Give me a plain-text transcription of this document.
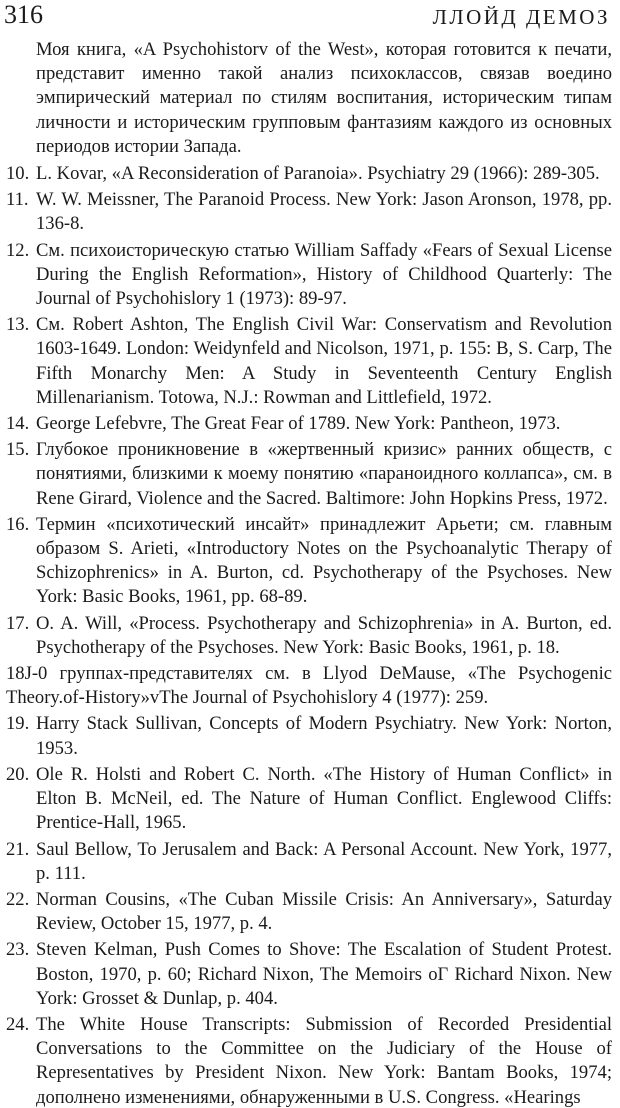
316	ЛЛОЙД ДЕМОЗ

Моя книга, «A Psychohistorv of the West», которая готовится к печати, представит именно такой анализ психоклассов, связав воедино эмпирический материал по стилям воспитания, историческим типам личности и историческим групповым фантазиям каждого из основных периодов истории Запада.

10. L. Kovar, «A Reconsideration of Paranoia». Psychiatry 29 (1966): 289-305.

11. W. W. Meissner, The Paranoid Process. New York: Jason Aronson, 1978, pp. 136-8.

12. См. психоисторическую статью William Saffady «Fears of Sexual License During the English Reformation», History of Childhood Quarterly: The Journal of Psychohislory 1 (1973): 89-97.

13. См. Robert Ashton, The English Civil War: Conservatism and Revolution 1603-1649. London: Weidynfeld and Nicolson, 1971, p. 155: B, S. Carp, The Fifth Monarchy Men: A Study in Seventeenth Century English Millenarianism. Totowa, N.J.: Rowman and Littlefield, 1972.

14. George Lefebvre, The Great Fear of 1789. New York: Pantheon, 1973.

15. Глубокое проникновение в «жертвенный кризис» ранних обществ, с понятиями, близкими к моему понятию «параноидного коллапса», см. в Rene Girard, Violence and the Sacred. Baltimore: John Hopkins Press, 1972.

16. Термин «психотический инсайт» принадлежит Арьети; см. главным образом S. Arieti, «Introductory Notes on the Psychoanalytic Therapy of Schizophrenics» in A. Burton, cd. Psychotherapy of the Psychoses. New York: Basic Books, 1961, pp. 68-89.

17. O. A. Will, «Process. Psychotherapy and Schizophrenia» in A. Burton, ed. Psychotherapy of the Psychoses. New York: Basic Books, 1961, p. 18.

18J-0 группах-представителях см. в Llyod DeMause, «The Psychogenic Theory.of-History»vThe Journal of Psychohislory 4 (1977): 259.

19. Harry Stack Sullivan, Concepts of Modern Psychiatry. New York: Norton, 1953.

20. Ole R. Holsti and Robert C. North. «The History of Human Conflict» in Elton B. McNeil, ed. The Nature of Human Conflict. Englewood Cliffs: Prentice-Hall, 1965.

21. Saul Bellow, To Jerusalem and Back: A Personal Account. New York, 1977, p. 111.

22. Norman Cousins, «The Cuban Missile Crisis: An Anniversary», Saturday Review, October 15, 1977, p. 4.

23. Steven Kelman, Push Comes to Shove: The Escalation of Student Protest. Boston, 1970, p. 60; Richard Nixon, The Memoirs oГ Richard Nixon. New York: Grosset & Dunlap, p. 404.

24. The White House Transcripts: Submission of Recorded Presidential Conversations to the Committee on the Judiciary of the House of Representatives by President Nixon. New York: Bantam Books, 1974; дополнено изменениями, обнаруженными в U.S. Congress. «Hearings
